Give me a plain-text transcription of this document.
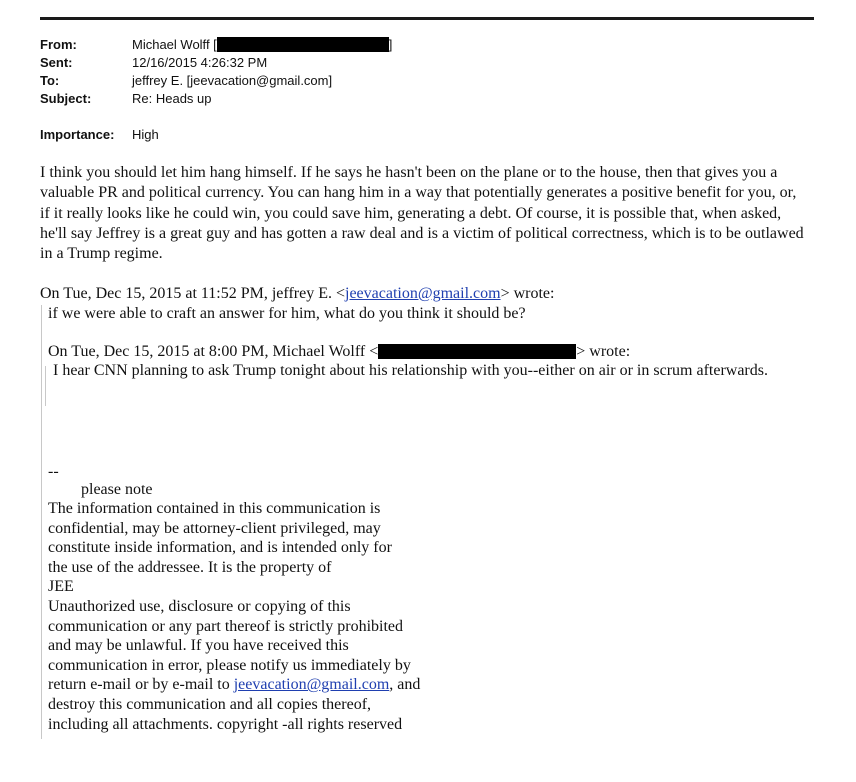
From:	Michael Wolff [	]
Sent:	12/16/2015 4:26:32 PM
To:	jeffrey E. [jeevacation@gmail.com]
Subject:	Re: Heads up
Importance:	High

I think you should let him hang himself. If he says he hasn't been on the plane or to the house, then that gives you a valuable PR and political currency. You can hang him in a way that potentially generates a positive benefit for you, or, if it really looks like he could win, you could save him, generating a debt. Of course, it is possible that, when asked, he'll say Jeffrey is a great guy and has gotten a raw deal and is a victim of political correctness, which is to be outlawed in a Trump regime.

On Tue, Dec 15, 2015 at 11:52 PM, jeffrey E. <jeevacation@gmail.com> wrote:
if we were able to craft an answer for him, what do you think it should be?
On Tue, Dec 15, 2015 at 8:00 PM, Michael Wolff <	> wrote:

I hear CNN planning to ask Trump tonight about his relationship with you--either on air or in scrum afterwards.

--
please note
The information contained in this communication is
confidential, may be attorney-client privileged, may
constitute inside information, and is intended only for
the use of the addressee. It is the property of
JEE
Unauthorized use, disclosure or copying of this
communication or any part thereof is strictly prohibited
and may be unlawful. If you have received this
communication in error, please notify us immediately by
return e-mail or by e-mail to jeevacation@gmail.com, and
destroy this communication and all copies thereof,
including all attachments. copyright -all rights reserved
